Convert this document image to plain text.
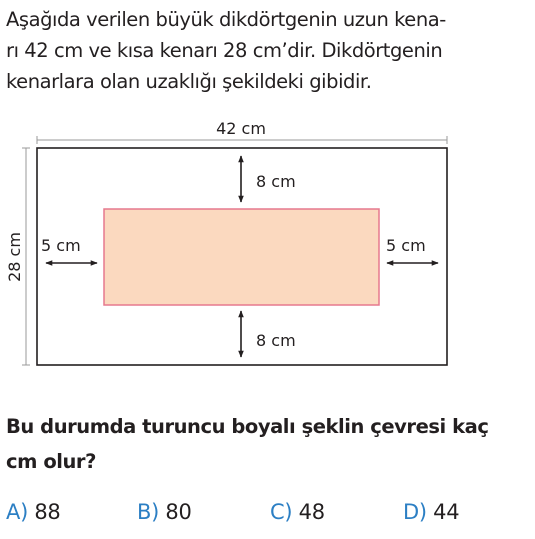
Aşağıda verilen büyük dikdörtgenin uzun kena-
rı 42 cm ve kısa kenarı 28 cm’dir. Dikdörtgenin
kenarlara olan uzaklığı şekildeki gibidir.

42 cm
28 cm
8 cm
8 cm
5 cm	5 cm

Bu durumda turuncu boyalı şeklin çevresi kaç
cm olur?

A) 88	B) 80	C) 48	D) 44
